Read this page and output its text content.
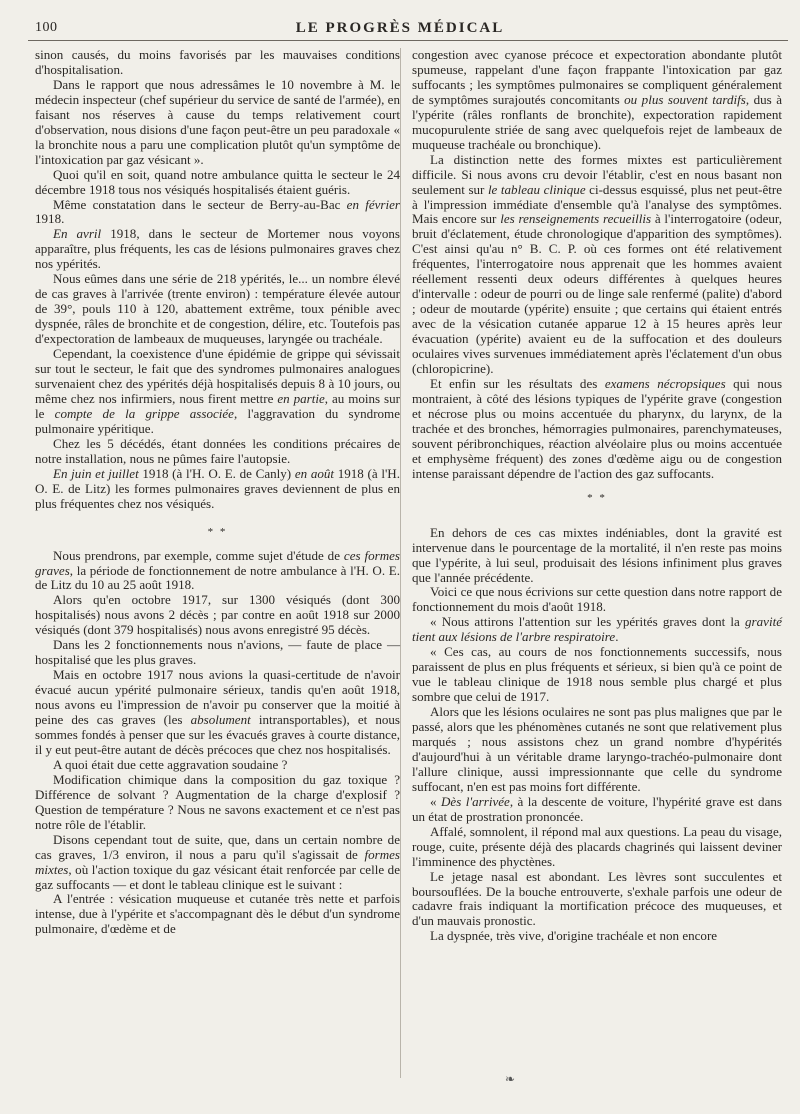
100	LE PROGRÈS MÉDICAL

sinon causés, du moins favorisés par les mauvaises conditions d'hospitalisation.

Dans le rapport que nous adressâmes le 10 novembre à M. le médecin inspecteur (chef supérieur du service de santé de l'armée), en faisant nos réserves à cause du temps relativement court d'observation, nous disions d'une façon peut-être un peu paradoxale « la bronchite nous a paru une complication plutôt qu'un symptôme de l'intoxication par gaz vésicant ».

Quoi qu'il en soit, quand notre ambulance quitta le secteur le 24 décembre 1918 tous nos vésiqués hospitalisés étaient guéris.

Même constatation dans le secteur de Berry-au-Bac en février 1918.

En avril 1918, dans le secteur de Mortemer nous voyons apparaître, plus fréquents, les cas de lésions pulmonaires graves chez nos ypérités.

Nous eûmes dans une série de 218 ypérités, le... un nombre élevé de cas graves à l'arrivée (trente environ) : température élevée autour de 39°, pouls 110 à 120, abattement extrême, toux pénible avec dyspnée, râles de bronchite et de congestion, délire, etc. Toutefois pas d'expectoration de lambeaux de muqueuses, laryngée ou trachéale.

Cependant, la coexistence d'une épidémie de grippe qui sévissait sur tout le secteur, le fait que des syndromes pulmonaires analogues survenaient chez des ypérités déjà hospitalisés depuis 8 à 10 jours, ou même chez nos infirmiers, nous firent mettre en partie, au moins sur le compte de la grippe associée, l'aggravation du syndrome pulmonaire ypéritique.

Chez les 5 décédés, étant données les conditions précaires de notre installation, nous ne pûmes faire l'autopsie.

En juin et juillet 1918 (à l'H. O. E. de Canly) en août 1918 (à l'H. O. E. de Litz) les formes pulmonaires graves deviennent de plus en plus fréquentes chez nos vésiqués.

* *

Nous prendrons, par exemple, comme sujet d'étude de ces formes graves, la période de fonctionnement de notre ambulance à l'H. O. E. de Litz du 10 au 25 août 1918.

Alors qu'en octobre 1917, sur 1300 vésiqués (dont 300 hospitalisés) nous avons 2 décès ; par contre en août 1918 sur 2000 vésiqués (dont 379 hospitalisés) nous avons enregistré 95 décès.

Dans les 2 fonctionnements nous n'avions, — faute de place — hospitalisé que les plus graves.

Mais en octobre 1917 nous avions la quasi-certitude de n'avoir évacué aucun ypérité pulmonaire sérieux, tandis qu'en août 1918, nous avons eu l'impression de n'avoir pu conserver que la moitié à peine des cas graves (les absolument intransportables), et nous sommes fondés à penser que sur les évacués graves à courte distance, il y eut peut-être autant de décès précoces que chez nos hospitalisés.

A quoi était due cette aggravation soudaine ?

Modification chimique dans la composition du gaz toxique ? Différence de solvant ? Augmentation de la charge d'explosif ? Question de température ? Nous ne savons exactement et ce n'est pas notre rôle de l'établir.

Disons cependant tout de suite, que, dans un certain nombre de cas graves, 1/3 environ, il nous a paru qu'il s'agissait de formes mixtes, où l'action toxique du gaz vésicant était renforcée par celle de gaz suffocants — et dont le tableau clinique est le suivant :

A l'entrée : vésication muqueuse et cutanée très nette et parfois intense, due à l'ypérite et s'accompagnant dès le début d'un syndrome pulmonaire, d'œdème et de

congestion avec cyanose précoce et expectoration abondante plutôt spumeuse, rappelant d'une façon frappante l'intoxication par gaz suffocants ; les symptômes pulmonaires se compliquent généralement de symptômes surajoutés concomitants ou plus souvent tardifs, dus à l'ypérite (râles ronflants de bronchite), expectoration rapidement mucopurulente striée de sang avec quelquefois rejet de lambeaux de muqueuse trachéale ou bronchique).

La distinction nette des formes mixtes est particulièrement difficile. Si nous avons cru devoir l'établir, c'est en nous basant non seulement sur le tableau clinique ci-dessus esquissé, plus net peut-être à l'impression immédiate d'ensemble qu'à l'analyse des symptômes. Mais encore sur les renseignements recueillis à l'interrogatoire (odeur, bruit d'éclatement, étude chronologique d'apparition des symptômes). C'est ainsi qu'au n° B. C. P. où ces formes ont été relativement fréquentes, l'interrogatoire nous apprenait que les hommes avaient réellement ressenti deux odeurs différentes à quelques heures d'intervalle : odeur de pourri ou de linge sale renfermé (palite) d'abord ; odeur de moutarde (ypérite) ensuite ; que certains qui étaient entrés avec de la vésication cutanée apparue 12 à 15 heures après leur évacuation (ypérite) avaient eu de la suffocation et des douleurs oculaires vives survenues immédiatement après l'éclatement d'un obus (chloropicrine).

Et enfin sur les résultats des examens nécropsiques qui nous montraient, à côté des lésions typiques de l'ypérite grave (congestion et nécrose plus ou moins accentuée du pharynx, du larynx, de la trachée et des bronches, hémorragies pulmonaires, parenchymateuses, souvent péribronchiques, réaction alvéolaire plus ou moins accentuée et emphysème fréquent) des zones d'œdème aigu ou de congestion intense paraissant dépendre de l'action des gaz suffocants.

* *

En dehors de ces cas mixtes indéniables, dont la gravité est intervenue dans le pourcentage de la mortalité, il n'en reste pas moins que l'ypérite, à lui seul, produisait des lésions infiniment plus graves que l'année précédente.

Voici ce que nous écrivions sur cette question dans notre rapport de fonctionnement du mois d'août 1918.

« Nous attirons l'attention sur les ypérités graves dont la gravité tient aux lésions de l'arbre respiratoire.

« Ces cas, au cours de nos fonctionnements successifs, nous paraissent de plus en plus fréquents et sérieux, si bien qu'à ce point de vue le tableau clinique de 1918 nous semble plus chargé et plus sombre que celui de 1917.

Alors que les lésions oculaires ne sont pas plus malignes que par le passé, alors que les phénomènes cutanés ne sont que relativement plus marqués ; nous assistons chez un grand nombre d'hypérités d'aujourd'hui à un véritable drame laryngo-trachéo-pulmonaire dont l'allure clinique, aussi impressionnante que celle du syndrome suffocant, n'en est pas moins fort différente.

« Dès l'arrivée, à la descente de voiture, l'hypérité grave est dans un état de prostration prononcée.

Affalé, somnolent, il répond mal aux questions. La peau du visage, rouge, cuite, présente déjà des placards chagrinés qui laissent deviner l'imminence des phyctènes.

Le jetage nasal est abondant. Les lèvres sont succulentes et boursouflées. De la bouche entrouverte, s'exhale parfois une odeur de cadavre frais indiquant la mortification précoce des muqueuses, et d'un mauvais pronostic.

La dyspnée, très vive, d'origine trachéale et non encore

❧
